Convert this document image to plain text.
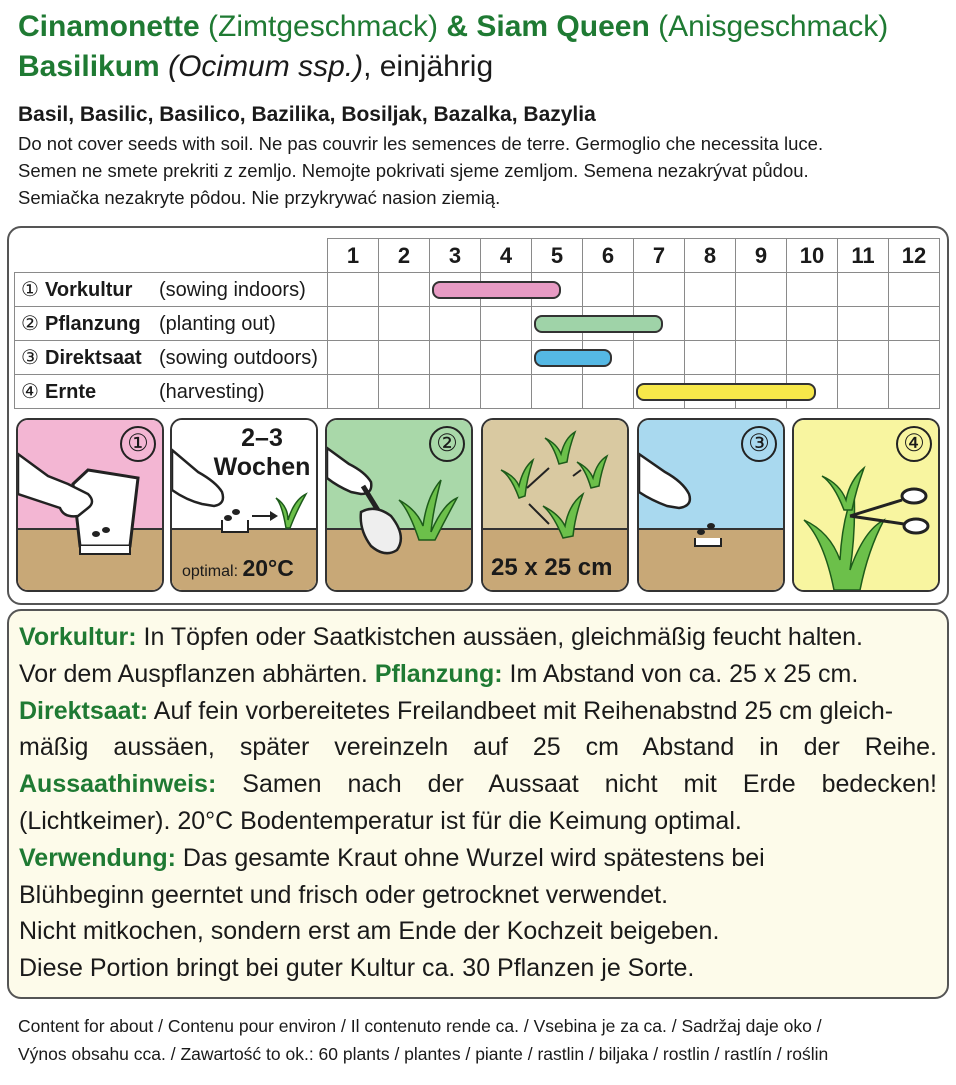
Cinamonette (Zimtgeschmack) & Siam Queen (Anisgeschmack)
Basilikum (Ocimum ssp.), einjährig
Basil, Basilic, Basilico, Bazilika, Bosiljak, Bazalka, Bazylia
Do not cover seeds with soil. Ne pas couvrir les semences de terre. Germoglio che necessita luce.
Semen ne smete prekriti z zemljo. Nemojte pokrivati sjeme zemljom. Semena nezakrývat půdou.
Semiačka nezakryte pôdou. Nie przykrywać nasion ziemią.
	1	2	3	4	5	6	7	8	9	10	11	12
① Vorkultur (sowing indoors)												
② Pflanzung (planting out)												
③ Direktsaat (sowing outdoors)												
④ Ernte (harvesting)												
①	2–3
Wochen
optimal: 20°C
②
25 x 25 cm
③	④
Vorkultur: In Töpfen oder Saatkistchen aussäen, gleichmäßig feucht halten.
Vor dem Auspflanzen abhärten. Pflanzung: Im Abstand von ca. 25 x 25 cm.
Direktsaat: Auf fein vorbereitetes Freilandbeet mit Reihenabstnd 25 cm gleich-
mäßig aussäen, später vereinzeln auf 25 cm Abstand in der Reihe.
Aussaathinweis: Samen nach der Aussaat nicht mit Erde bedecken!
(Lichtkeimer). 20°C Bodentemperatur ist für die Keimung optimal.
Verwendung: Das gesamte Kraut ohne Wurzel wird spätestens bei
Blühbeginn geerntet und frisch oder getrocknet verwendet.
Nicht mitkochen, sondern erst am Ende der Kochzeit beigeben.
Diese Portion bringt bei guter Kultur ca. 30 Pflanzen je Sorte.
Content for about / Contenu pour environ / Il contenuto rende ca. / Vsebina je za ca. / Sadržaj daje oko /
Výnos obsahu cca. / Zawartość to ok.: 60 plants / plantes / piante / rastlin / biljaka / rostlin / rastlín / roślin
